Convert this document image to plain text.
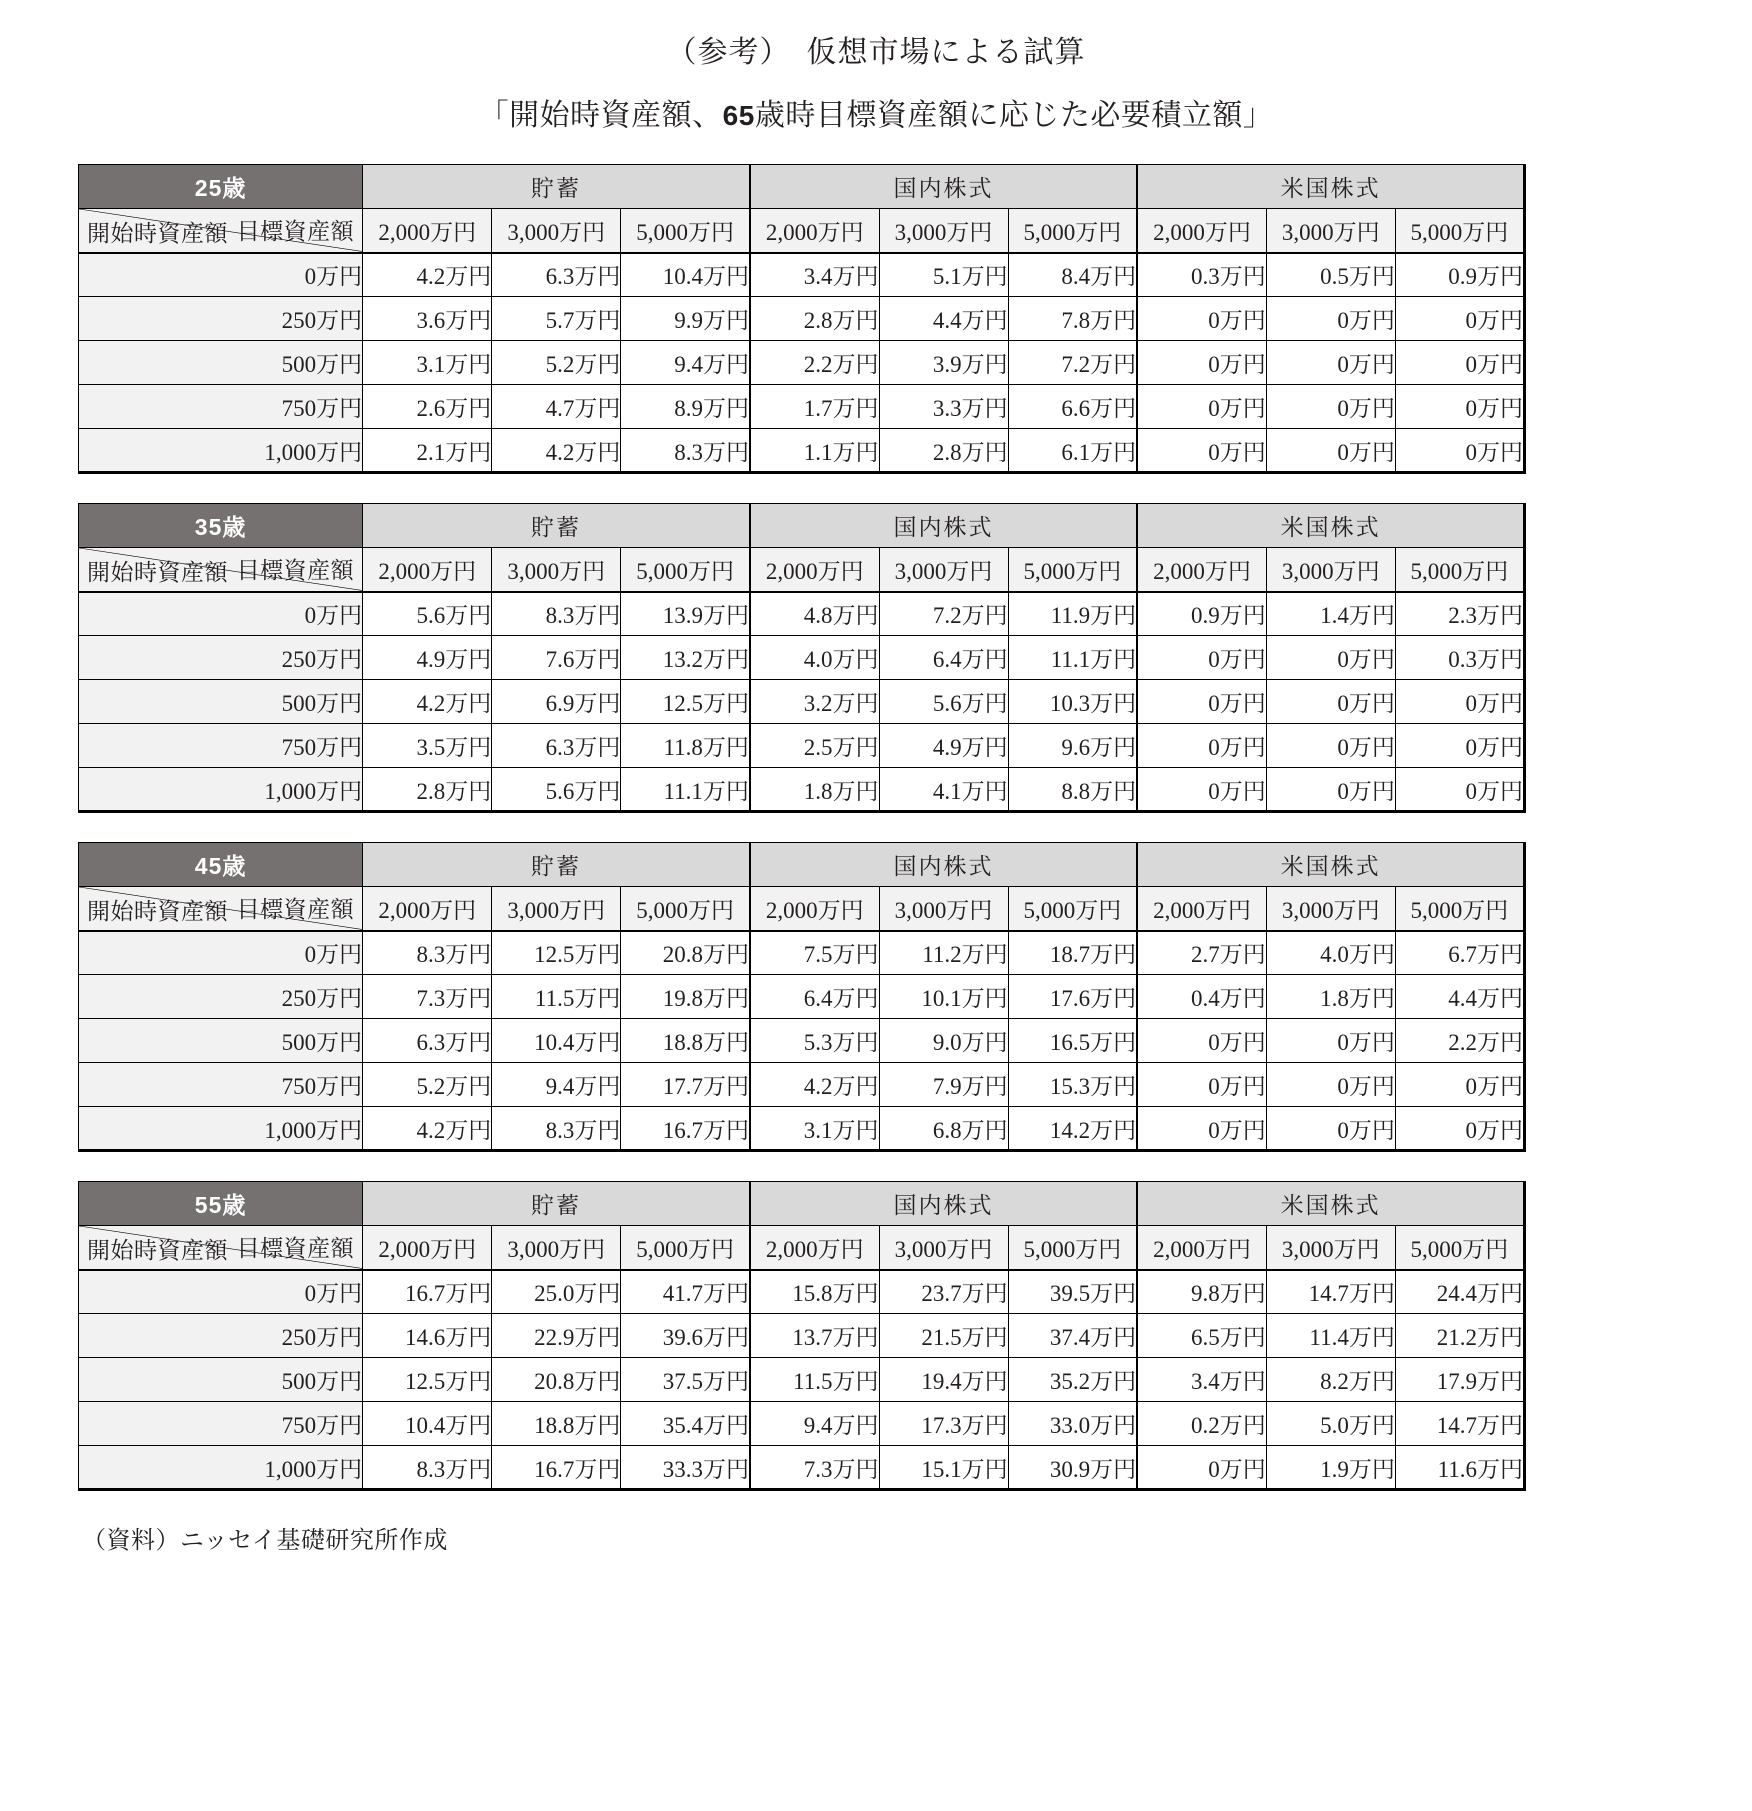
（参考）　仮想市場による試算
「開始時資産額、65歳時目標資産額に応じた必要積立額」
25歳	貯蓄			国内株式			米国株式		

目標資産額
開始時資産額	2,000万円	3,000万円	5,000万円	2,000万円	3,000万円	5,000万円	2,000万円	3,000万円	5,000万円
0万円	4.2万円	6.3万円	10.4万円	3.4万円	5.1万円	8.4万円	0.3万円	0.5万円	0.9万円
250万円	3.6万円	5.7万円	9.9万円	2.8万円	4.4万円	7.8万円	0万円	0万円	0万円
500万円	3.1万円	5.2万円	9.4万円	2.2万円	3.9万円	7.2万円	0万円	0万円	0万円
750万円	2.6万円	4.7万円	8.9万円	1.7万円	3.3万円	6.6万円	0万円	0万円	0万円
1,000万円	2.1万円	4.2万円	8.3万円	1.1万円	2.8万円	6.1万円	0万円	0万円	0万円
35歳	貯蓄			国内株式			米国株式		

目標資産額
開始時資産額	2,000万円	3,000万円	5,000万円	2,000万円	3,000万円	5,000万円	2,000万円	3,000万円	5,000万円
0万円	5.6万円	8.3万円	13.9万円	4.8万円	7.2万円	11.9万円	0.9万円	1.4万円	2.3万円
250万円	4.9万円	7.6万円	13.2万円	4.0万円	6.4万円	11.1万円	0万円	0万円	0.3万円
500万円	4.2万円	6.9万円	12.5万円	3.2万円	5.6万円	10.3万円	0万円	0万円	0万円
750万円	3.5万円	6.3万円	11.8万円	2.5万円	4.9万円	9.6万円	0万円	0万円	0万円
1,000万円	2.8万円	5.6万円	11.1万円	1.8万円	4.1万円	8.8万円	0万円	0万円	0万円
45歳	貯蓄			国内株式			米国株式		

目標資産額
開始時資産額	2,000万円	3,000万円	5,000万円	2,000万円	3,000万円	5,000万円	2,000万円	3,000万円	5,000万円
0万円	8.3万円	12.5万円	20.8万円	7.5万円	11.2万円	18.7万円	2.7万円	4.0万円	6.7万円
250万円	7.3万円	11.5万円	19.8万円	6.4万円	10.1万円	17.6万円	0.4万円	1.8万円	4.4万円
500万円	6.3万円	10.4万円	18.8万円	5.3万円	9.0万円	16.5万円	0万円	0万円	2.2万円
750万円	5.2万円	9.4万円	17.7万円	4.2万円	7.9万円	15.3万円	0万円	0万円	0万円
1,000万円	4.2万円	8.3万円	16.7万円	3.1万円	6.8万円	14.2万円	0万円	0万円	0万円
55歳	貯蓄			国内株式			米国株式		

目標資産額
開始時資産額	2,000万円	3,000万円	5,000万円	2,000万円	3,000万円	5,000万円	2,000万円	3,000万円	5,000万円
0万円	16.7万円	25.0万円	41.7万円	15.8万円	23.7万円	39.5万円	9.8万円	14.7万円	24.4万円
250万円	14.6万円	22.9万円	39.6万円	13.7万円	21.5万円	37.4万円	6.5万円	11.4万円	21.2万円
500万円	12.5万円	20.8万円	37.5万円	11.5万円	19.4万円	35.2万円	3.4万円	8.2万円	17.9万円
750万円	10.4万円	18.8万円	35.4万円	9.4万円	17.3万円	33.0万円	0.2万円	5.0万円	14.7万円
1,000万円	8.3万円	16.7万円	33.3万円	7.3万円	15.1万円	30.9万円	0万円	1.9万円	11.6万円
（資料）ニッセイ基礎研究所作成
